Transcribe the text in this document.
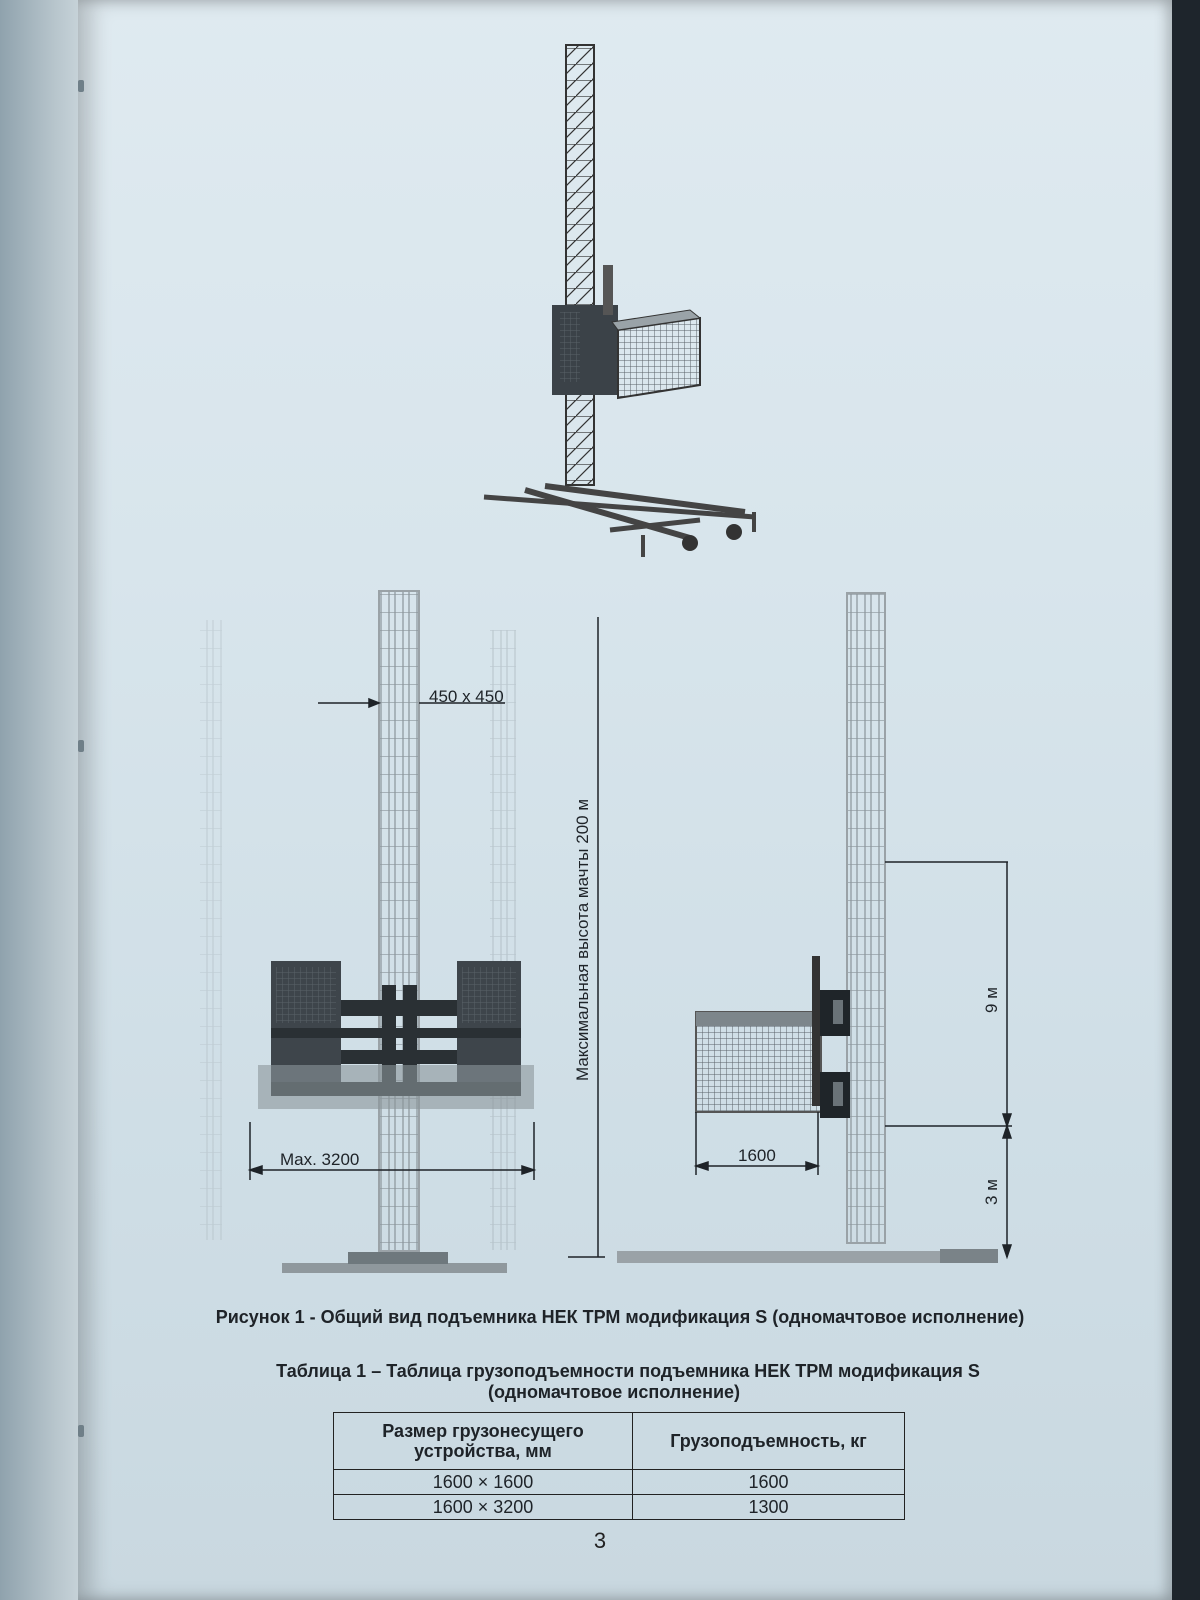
450 x 450
Максимальная высота мачты 200 м
Max. 3200	1600
9 м
3 м
Рисунок 1 - Общий вид подъемника НЕК ТРМ модификация S (одномачтовое исполнение)
Таблица 1 – Таблица грузоподъемности подъемника НЕК ТРМ модификация S
(одномачтовое исполнение)
Размер грузонесущего устройства, мм	Грузоподъемность, кг
1600 × 1600	1600
1600 × 3200	1300
3
